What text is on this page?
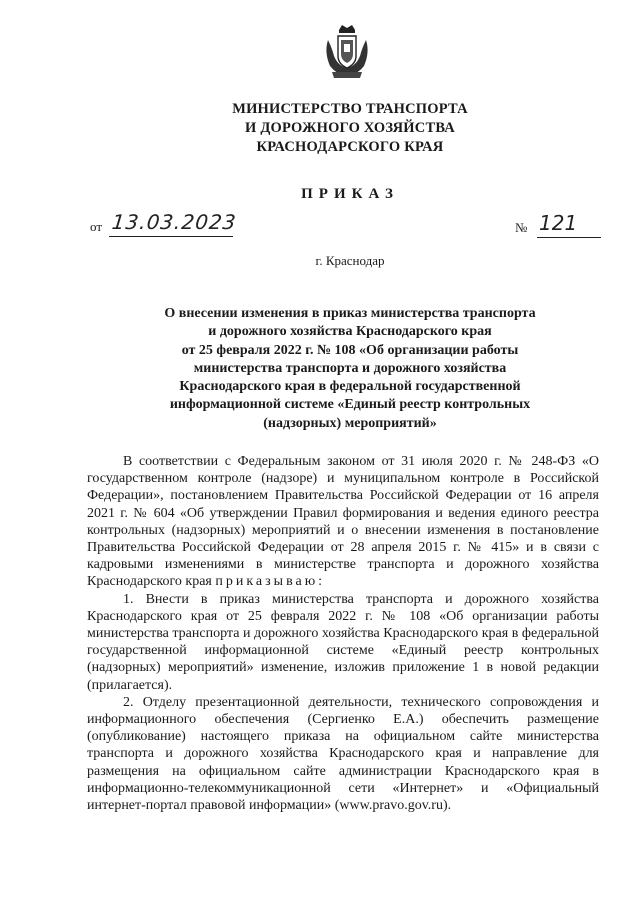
МИНИСТЕРСТВО ТРАНСПОРТА
И ДОРОЖНОГО ХОЗЯЙСТВА
КРАСНОДАРСКОГО КРАЯ
ПРИКАЗ
от 13.03.2023	№ 121
г. Краснодар
О внесении изменения в приказ министерства транспорта
и дорожного хозяйства Краснодарского края
от 25 февраля 2022 г. № 108 «Об организации работы
министерства транспорта и дорожного хозяйства
Краснодарского края в федеральной государственной
информационной системе «Единый реестр контрольных
(надзорных) мероприятий»

В соответствии с Федеральным законом от 31 июля 2020 г. № 248-ФЗ «О государственном контроле (надзоре) и муниципальном контроле в Российской Федерации», постановлением Правительства Российской Федерации от 16 апреля 2021 г. № 604 «Об утверждении Правил формирования и ведения единого реестра контрольных (надзорных) мероприятий и о внесении изменения в постановление Правительства Российской Федерации от 28 апреля 2015 г. № 415» и в связи с кадровыми изменениями в министерстве транспорта и дорожного хозяйства Краснодарского края приказываю:

1. Внести в приказ министерства транспорта и дорожного хозяйства Краснодарского края от 25 февраля 2022 г. № 108 «Об организации работы министерства транспорта и дорожного хозяйства Краснодарского края в федеральной государственной информационной системе «Единый реестр контрольных (надзорных) мероприятий» изменение, изложив приложение 1 в новой редакции (прилагается).

2. Отделу презентационной деятельности, технического сопровождения и информационного обеспечения (Сергиенко Е.А.) обеспечить размещение (опубликование) настоящего приказа на официальном сайте министерства транспорта и дорожного хозяйства Краснодарского края и направление для размещения на официальном сайте администрации Краснодарского края в информационно-телекоммуникационной сети «Интернет» и «Официальный интернет-портал правовой информации» (www.pravo.gov.ru).
